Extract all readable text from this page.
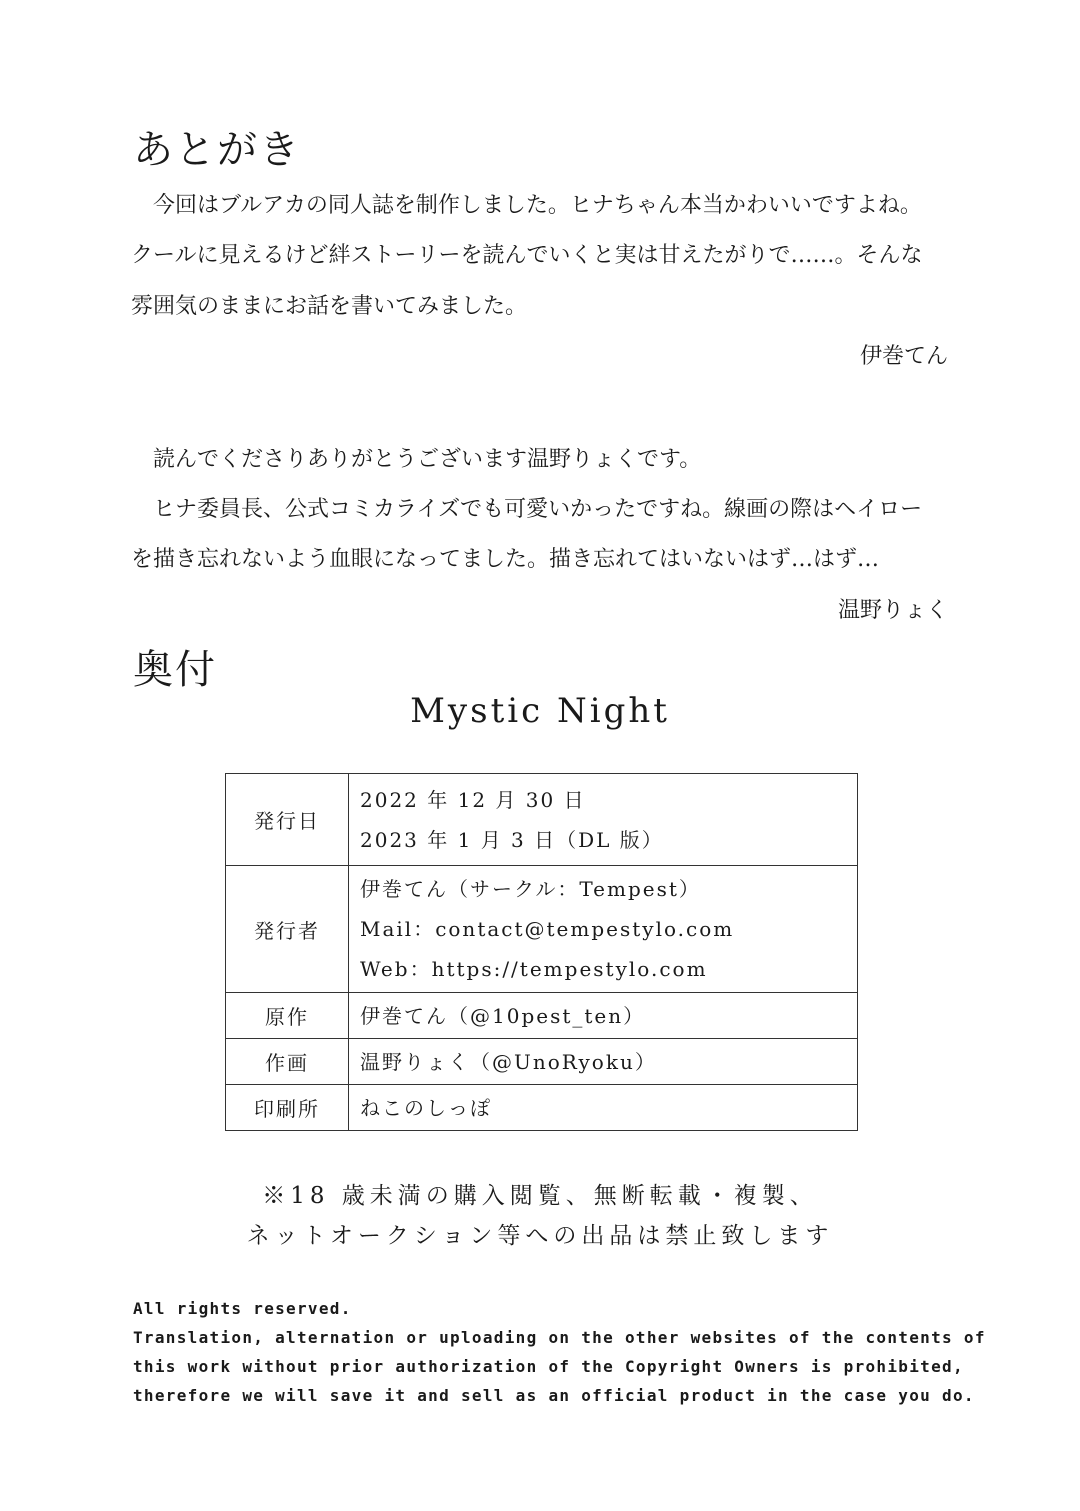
あとがき

　今回はブルアカの同人誌を制作しました。ヒナちゃん本当かわいいですよね。

クールに見えるけど絆ストーリーを読んでいくと実は甘えたがりで……。そんな

雰囲気のままにお話を書いてみました。

伊巻てん

　読んでくださりありがとうございます温野りょくです。

　ヒナ委員長、公式コミカライズでも可愛いかったですね。線画の際はヘイロー

を描き忘れないよう血眼になってました。描き忘れてはいないはず…はず…

温野りょく

奥付

Mystic Night

発行日	2022 年 12 月 30 日
2023 年 1 月 3 日（DL 版）

発行者	伊巻てん（サークル：Tempest）
Mail：contact@tempestylo.com
Web：https://tempestylo.com

原作	伊巻てん（@10pest_ten）

作画	温野りょく（@UnoRyoku）

印刷所	ねこのしっぽ

※18 歳未満の購入閲覧、無断転載・複製、

ネットオークション等への出品は禁止致します

All rights reserved.

Translation, alternation or uploading on the other websites of the contents of

this work without prior authorization of the Copyright Owners is prohibited,

therefore we will save it and sell as an official product in the case you do.
